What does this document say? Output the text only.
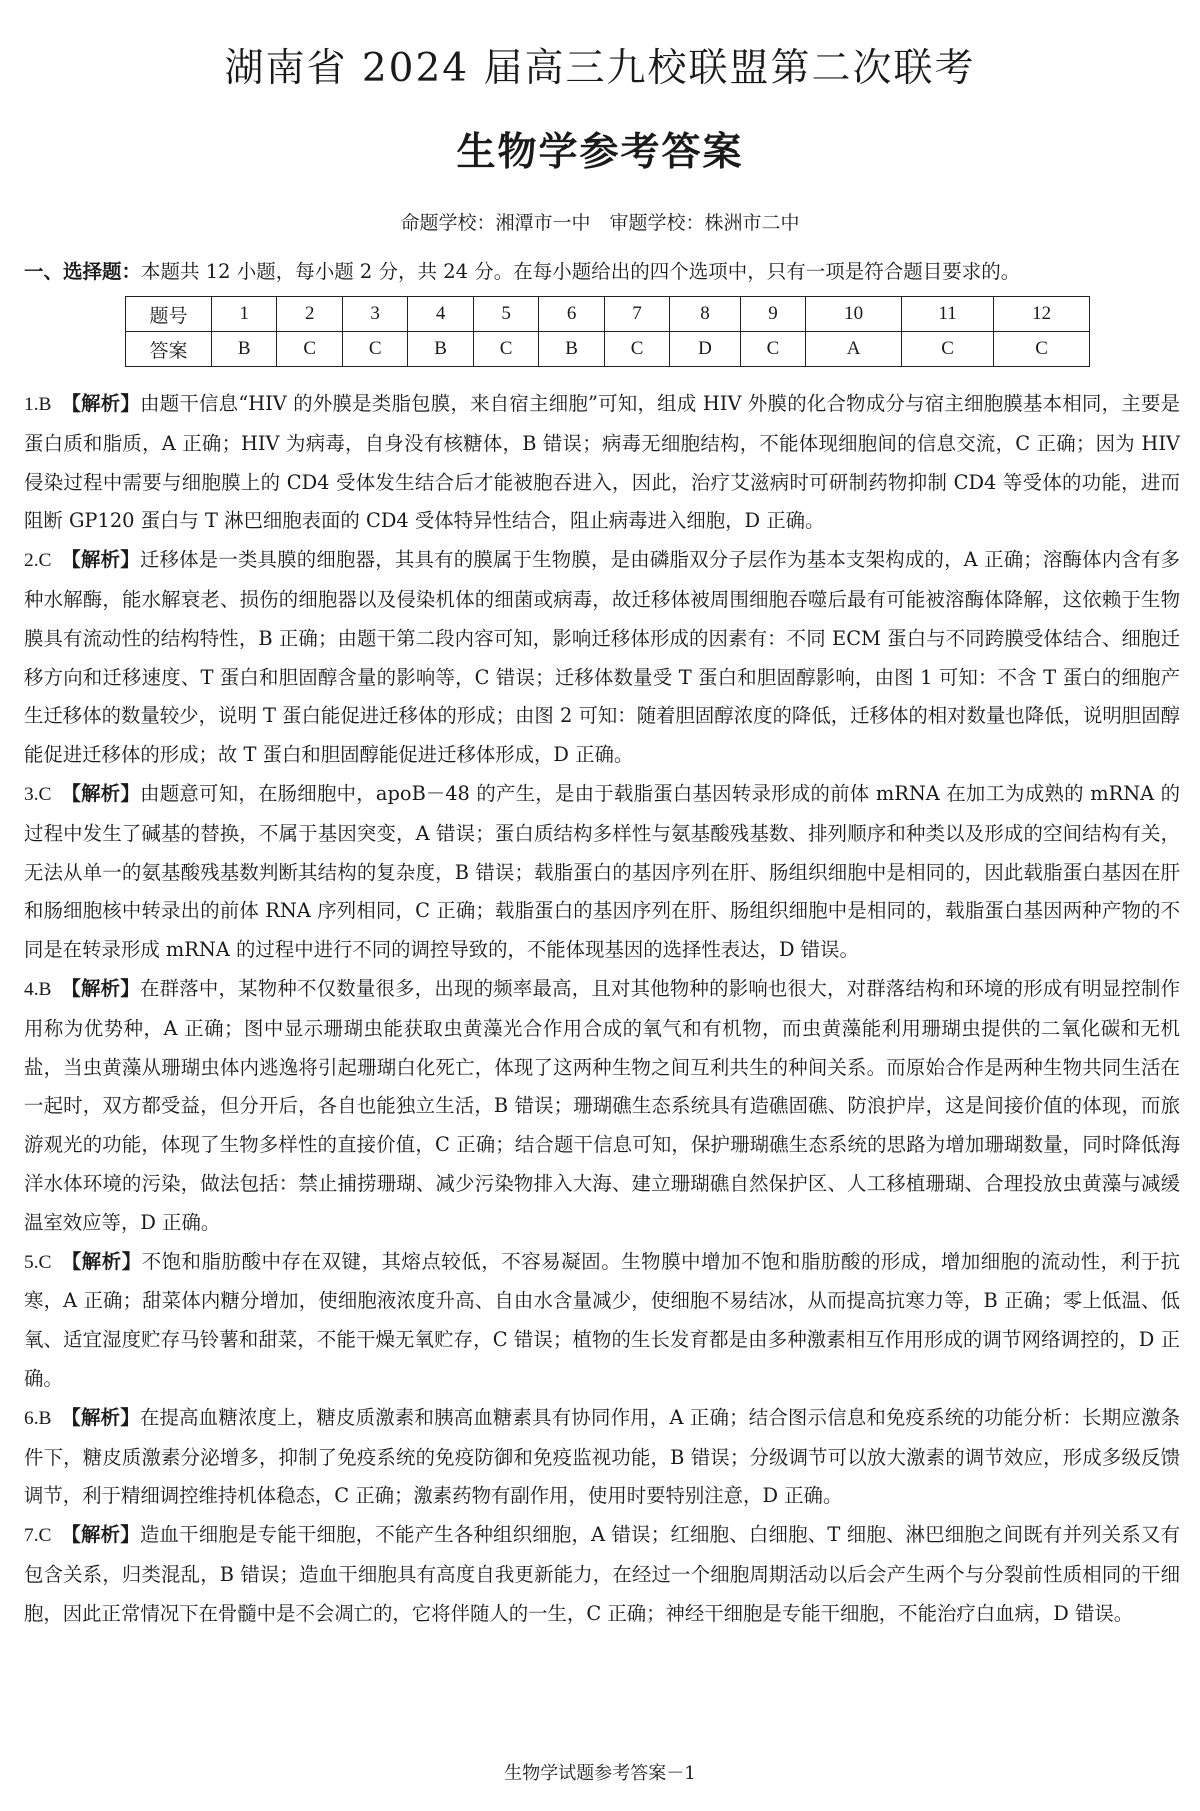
湖南省 2024 届高三九校联盟第二次联考
生物学参考答案
命题学校：湘潭市一中　审题学校：株洲市二中
一、选择题：本题共 12 小题，每小题 2 分，共 24 分。在每小题给出的四个选项中，只有一项是符合题目要求的。
题号	1	2	3	4	5	6	7	8	9	10	11	12
答案	B	C	C	B	C	B	C	D	C	A	C	C

1.B  【解析】由题干信息“HIV 的外膜是类脂包膜，来自宿主细胞”可知，组成 HIV 外膜的化合物成分与宿主细胞膜基本相同，主要是蛋白质和脂质，A 正确；HIV 为病毒，自身没有核糖体，B 错误；病毒无细胞结构，不能体现细胞间的信息交流，C 正确；因为 HIV 侵染过程中需要与细胞膜上的 CD4 受体发生结合后才能被胞吞进入，因此，治疗艾滋病时可研制药物抑制 CD4 等受体的功能，进而阻断 GP120 蛋白与 T 淋巴细胞表面的 CD4 受体特异性结合，阻止病毒进入细胞，D 正确。

2.C  【解析】迁移体是一类具膜的细胞器，其具有的膜属于生物膜，是由磷脂双分子层作为基本支架构成的，A 正确；溶酶体内含有多种水解酶，能水解衰老、损伤的细胞器以及侵染机体的细菌或病毒，故迁移体被周围细胞吞噬后最有可能被溶酶体降解，这依赖于生物膜具有流动性的结构特性，B 正确；由题干第二段内容可知，影响迁移体形成的因素有：不同 ECM 蛋白与不同跨膜受体结合、细胞迁移方向和迁移速度、T 蛋白和胆固醇含量的影响等，C 错误；迁移体数量受 T 蛋白和胆固醇影响，由图 1 可知：不含 T 蛋白的细胞产生迁移体的数量较少，说明 T 蛋白能促进迁移体的形成；由图 2 可知：随着胆固醇浓度的降低，迁移体的相对数量也降低，说明胆固醇能促进迁移体的形成；故 T 蛋白和胆固醇能促进迁移体形成，D 正确。

3.C  【解析】由题意可知，在肠细胞中，apoB－48 的产生，是由于载脂蛋白基因转录形成的前体 mRNA 在加工为成熟的 mRNA 的过程中发生了碱基的替换，不属于基因突变，A 错误；蛋白质结构多样性与氨基酸残基数、排列顺序和种类以及形成的空间结构有关，无法从单一的氨基酸残基数判断其结构的复杂度，B 错误；载脂蛋白的基因序列在肝、肠组织细胞中是相同的，因此载脂蛋白基因在肝和肠细胞核中转录出的前体 RNA 序列相同，C 正确；载脂蛋白的基因序列在肝、肠组织细胞中是相同的，载脂蛋白基因两种产物的不同是在转录形成 mRNA 的过程中进行不同的调控导致的，不能体现基因的选择性表达，D 错误。

4.B  【解析】在群落中，某物种不仅数量很多，出现的频率最高，且对其他物种的影响也很大，对群落结构和环境的形成有明显控制作用称为优势种，A 正确；图中显示珊瑚虫能获取虫黄藻光合作用合成的氧气和有机物，而虫黄藻能利用珊瑚虫提供的二氧化碳和无机盐，当虫黄藻从珊瑚虫体内逃逸将引起珊瑚白化死亡，体现了这两种生物之间互利共生的种间关系。而原始合作是两种生物共同生活在一起时，双方都受益，但分开后，各自也能独立生活，B 错误；珊瑚礁生态系统具有造礁固礁、防浪护岸，这是间接价值的体现，而旅游观光的功能，体现了生物多样性的直接价值，C 正确；结合题干信息可知，保护珊瑚礁生态系统的思路为增加珊瑚数量，同时降低海洋水体环境的污染，做法包括：禁止捕捞珊瑚、减少污染物排入大海、建立珊瑚礁自然保护区、人工移植珊瑚、合理投放虫黄藻与减缓温室效应等，D 正确。

5.C  【解析】不饱和脂肪酸中存在双键，其熔点较低，不容易凝固。生物膜中增加不饱和脂肪酸的形成，增加细胞的流动性，利于抗寒，A 正确；甜菜体内糖分增加，使细胞液浓度升高、自由水含量减少，使细胞不易结冰，从而提高抗寒力等，B 正确；零上低温、低氧、适宜湿度贮存马铃薯和甜菜，不能干燥无氧贮存，C 错误；植物的生长发育都是由多种激素相互作用形成的调节网络调控的，D 正确。

6.B  【解析】在提高血糖浓度上，糖皮质激素和胰高血糖素具有协同作用，A 正确；结合图示信息和免疫系统的功能分析：长期应激条件下，糖皮质激素分泌增多，抑制了免疫系统的免疫防御和免疫监视功能，B 错误；分级调节可以放大激素的调节效应，形成多级反馈调节，利于精细调控维持机体稳态，C 正确；激素药物有副作用，使用时要特别注意，D 正确。

7.C  【解析】造血干细胞是专能干细胞，不能产生各种组织细胞，A 错误；红细胞、白细胞、T 细胞、淋巴细胞之间既有并列关系又有包含关系，归类混乱，B 错误；造血干细胞具有高度自我更新能力，在经过一个细胞周期活动以后会产生两个与分裂前性质相同的干细胞，因此正常情况下在骨髓中是不会凋亡的，它将伴随人的一生，C 正确；神经干细胞是专能干细胞，不能治疗白血病，D 错误。

生物学试题参考答案－1
